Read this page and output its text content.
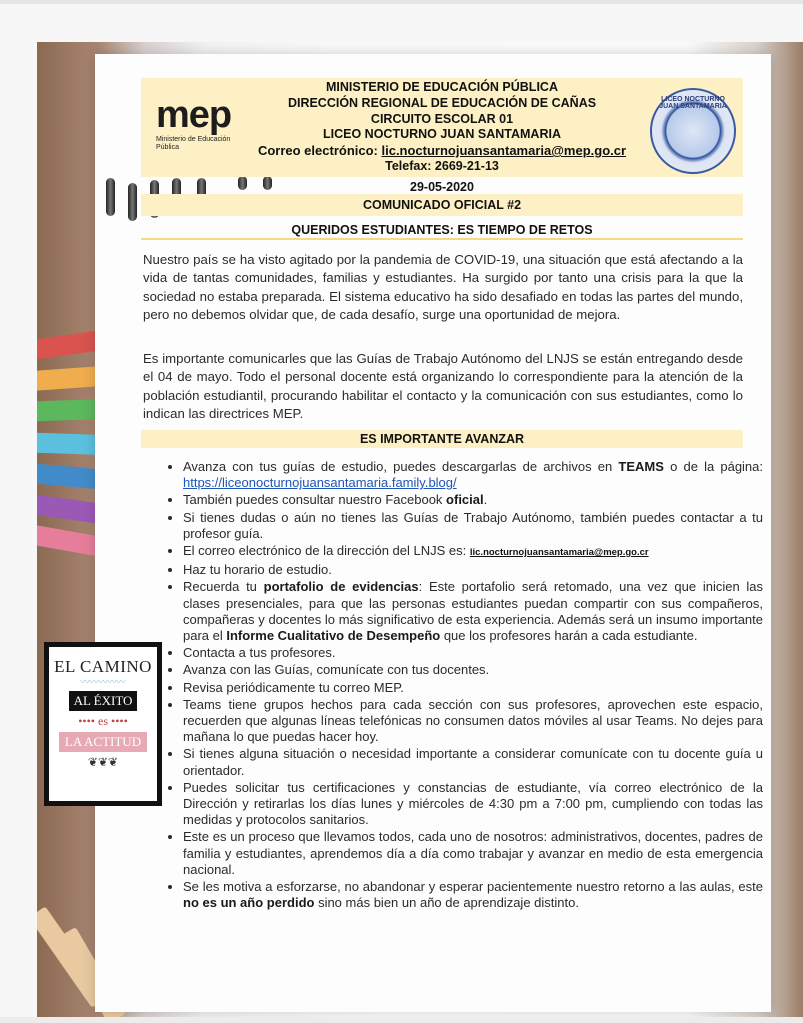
mep
Ministerio de Educación Pública
LICEO NOCTURNO JUAN SANTAMARIA
MINISTERIO DE EDUCACIÓN PÚBLICA
DIRECCIÓN REGIONAL DE EDUCACIÓN DE CAÑAS
CIRCUITO ESCOLAR 01
LICEO NOCTURNO JUAN SANTAMARIA
Correo electrónico: lic.nocturnojuansantamaria@mep.go.cr
Telefax: 2669-21-13
29-05-2020
COMUNICADO OFICIAL #2
QUERIDOS ESTUDIANTES: ES TIEMPO DE RETOS
Nuestro país se ha visto agitado por la pandemia de COVID-19, una situación que está afectando a la vida de tantas comunidades, familias y estudiantes. Ha surgido por tanto una crisis para la que la sociedad no estaba preparada. El sistema educativo ha sido desafiado en todas las partes del mundo, pero no debemos olvidar que, de cada desafío, surge una oportunidad de mejora.
Es importante comunicarles que las Guías de Trabajo Autónomo del LNJS se están entregando desde el 04 de mayo. Todo el personal docente está organizando lo correspondiente para la atención de la población estudiantil, procurando habilitar el contacto y la comunicación con sus estudiantes, como lo indican las directrices MEP.
ES IMPORTANTE AVANZAR
• Avanza con tus guías de estudio, puedes descargarlas de archivos en TEAMS o de la página: https://liceonocturnojuansantamaria.family.blog/
• También puedes consultar nuestro Facebook oficial.
• Si tienes dudas o aún no tienes las Guías de Trabajo Autónomo, también puedes contactar a tu profesor guía.
• El correo electrónico de la dirección del LNJS es: lic.nocturnojuansantamaria@mep.go.cr
• Haz tu horario de estudio.
• Recuerda tu portafolio de evidencias: Este portafolio será retomado, una vez que inicien las clases presenciales, para que las personas estudiantes puedan compartir con sus compañeros, compañeras y docentes lo más significativo de esta experiencia. Además será un insumo importante para el Informe Cualitativo de Desempeño que los profesores harán a cada estudiante.
• Contacta a tus profesores.
• Avanza con las Guías, comunícate con tus docentes.
• Revisa periódicamente tu correo MEP.
• Teams tiene grupos hechos para cada sección con sus profesores, aprovechen este espacio, recuerden que algunas líneas telefónicas no consumen datos móviles al usar Teams. No dejes para mañana lo que puedas hacer hoy.
• Si tienes alguna situación o necesidad importante a considerar comunícate con tu docente guía u orientador.
• Puedes solicitar tus certificaciones y constancias de estudiante, vía correo electrónico de la Dirección y retirarlas los días lunes y miércoles de 4:30 pm a 7:00 pm, cumpliendo con todas las medidas y protocolos sanitarios.
• Este es un proceso que llevamos todos, cada uno de nosotros: administrativos, docentes, padres de familia y estudiantes, aprendemos día a día como trabajar y avanzar en medio de esta emergencia nacional.
• Se les motiva a esforzarse, no abandonar y esperar pacientemente nuestro retorno a las aulas, este no es un año perdido sino más bien un año de aprendizaje distinto.
EL CAMINO
〰〰〰〰〰
AL ÉXITO
•••• es ••••
LA ACTITUD
❦❦❦
